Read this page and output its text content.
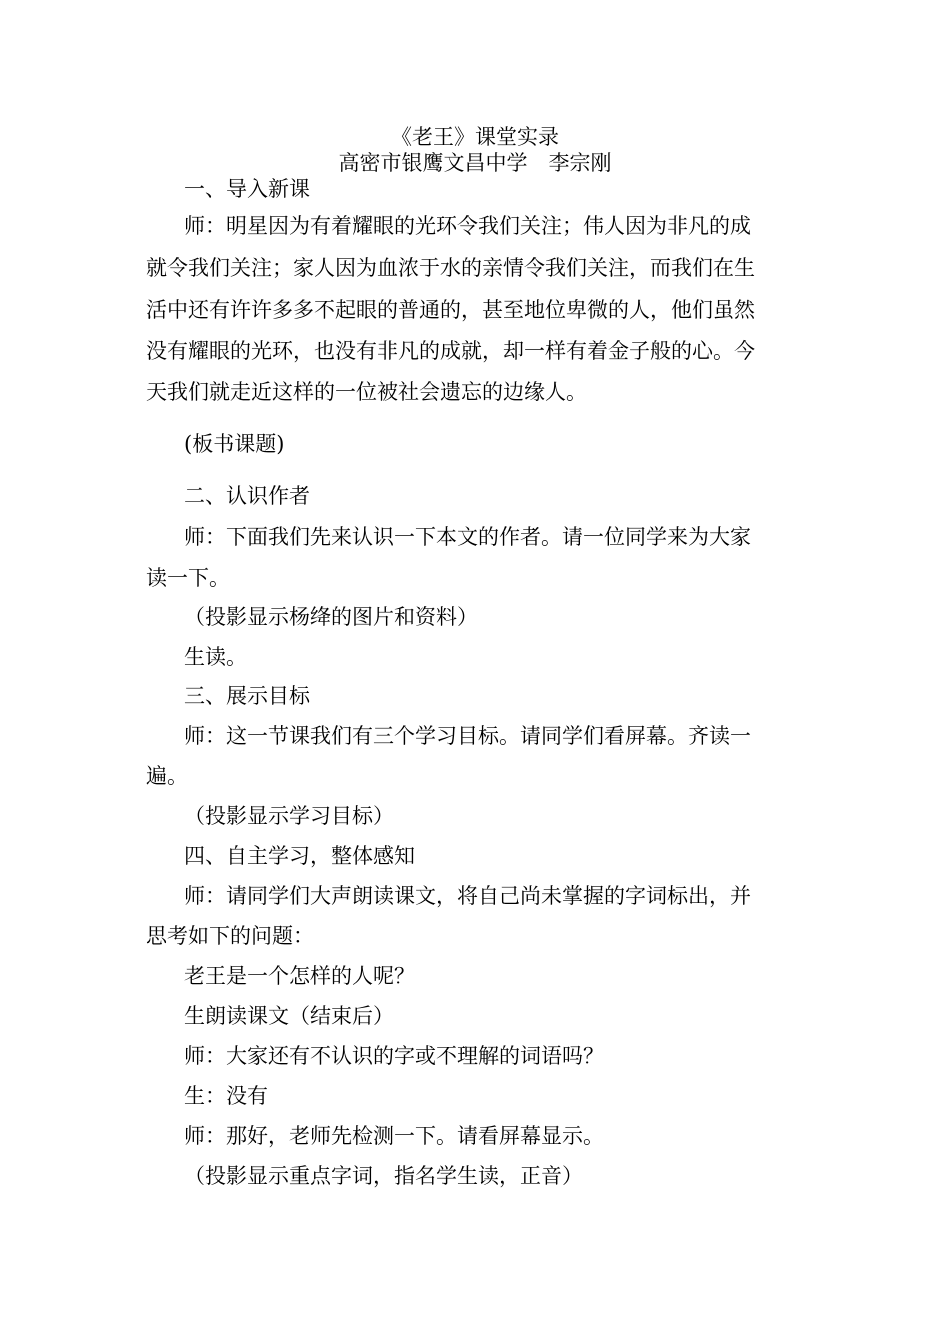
《老王》课堂实录
高密市银鹰文昌中学　李宗刚
一、导入新课
师：明星因为有着耀眼的光环令我们关注；伟人因为非凡的成
就令我们关注；家人因为血浓于水的亲情令我们关注，而我们在生
活中还有许许多多不起眼的普通的，甚至地位卑微的人，他们虽然
没有耀眼的光环，也没有非凡的成就，却一样有着金子般的心。今
天我们就走近这样的一位被社会遗忘的边缘人。
(板书课题)
二、认识作者
师：下面我们先来认识一下本文的作者。请一位同学来为大家
读一下。
（投影显示杨绛的图片和资料）
生读。
三、展示目标
师：这一节课我们有三个学习目标。请同学们看屏幕。齐读一
遍。
（投影显示学习目标）
四、自主学习，整体感知
师：请同学们大声朗读课文，将自己尚未掌握的字词标出，并
思考如下的问题：
老王是一个怎样的人呢？
生朗读课文（结束后）
师：大家还有不认识的字或不理解的词语吗？
生：没有
师：那好，老师先检测一下。请看屏幕显示。
（投影显示重点字词，指名学生读，正音）
